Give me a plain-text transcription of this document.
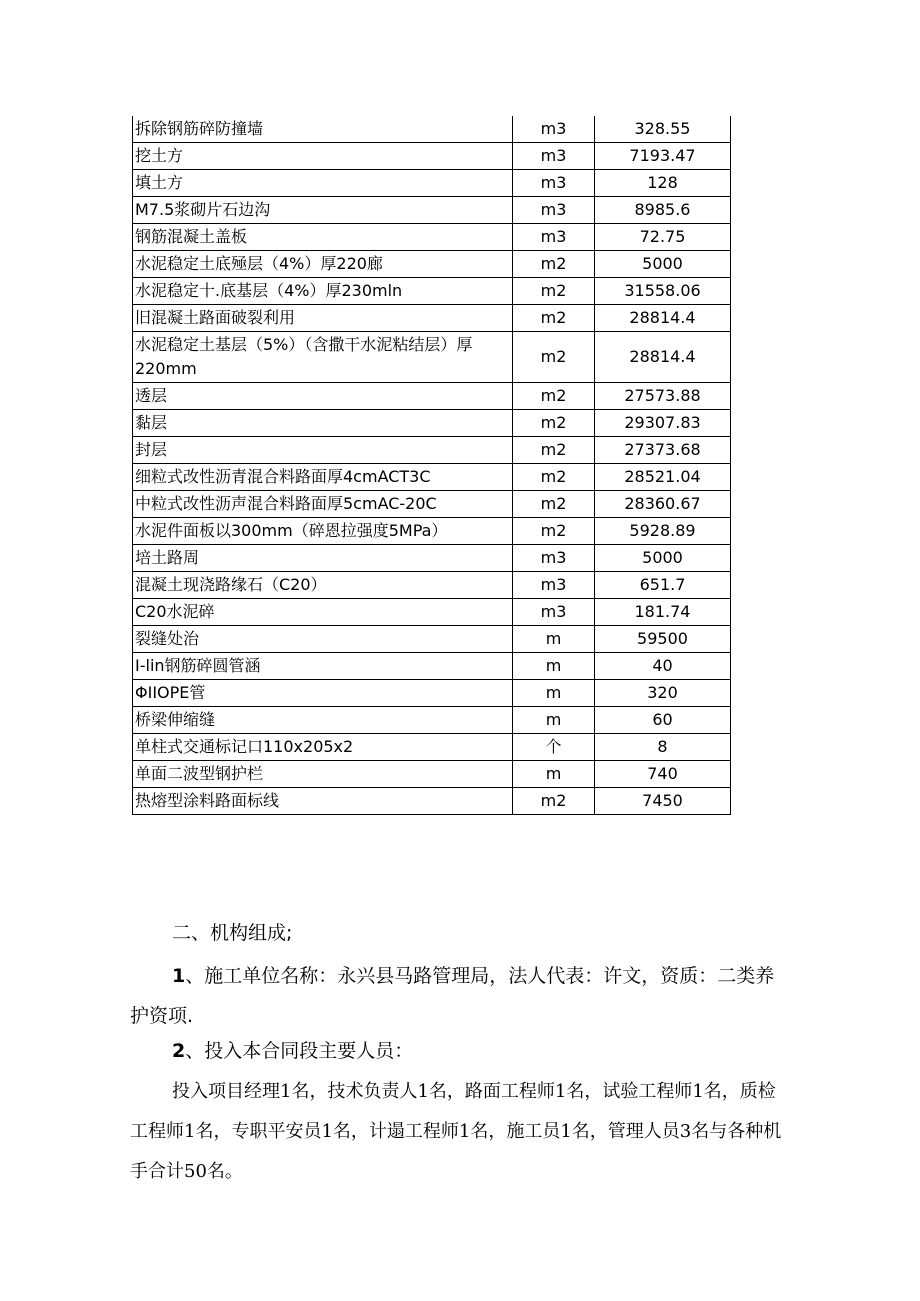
拆除钢筋碎防撞墙	m3	328.55
挖土方	m3	7193.47
填土方	m3	128
M7.5浆砌片石边沟	m3	8985.6
钢筋混凝土盖板	m3	72.75
水泥稳定土底殛层（4%）厚220廊	m2	5000
水泥稳定十.底基层（4%）厚230mln	m2	31558.06
旧混凝土路面破裂利用	m2	28814.4
水泥稳定土基层（5%）（含撒干水泥粘结层）厚220mm	m2	28814.4
透层	m2	27573.88
黏层	m2	29307.83
封层	m2	27373.68
细粒式改性沥青混合料路面厚4cmACT3C	m2	28521.04
中粒式改性沥声混合料路面厚5cmAC-20C	m2	28360.67
水泥件面板以300mm（碎恩拉强度5MPa）	m2	5928.89
培土路周	m3	5000
混凝土现浇路缘石（C20）	m3	651.7
C20水泥碎	m3	181.74
裂缝处治	m	59500
I-lin钢筋碎圆管涵	m	40
ΦIIOPE管	m	320
桥梁伸缩缝	m	60
单柱式交通标记口110x205x2	个	8
单面二波型钢护栏	m	740
热熔型涂料路面标线	m2	7450
二、机构组成;
1、施工单位名称：永兴县马路管理局，法人代表：许文，资质：二类养护资项.
2、投入本合同段主要人员：
投入项目经理1名，技术负责人1名，路面工程师1名，试验工程师1名，质检工程师1名，专职平安员1名，计遢工程师1名，施工员1名，管理人员3名与各种机手合计50名。
